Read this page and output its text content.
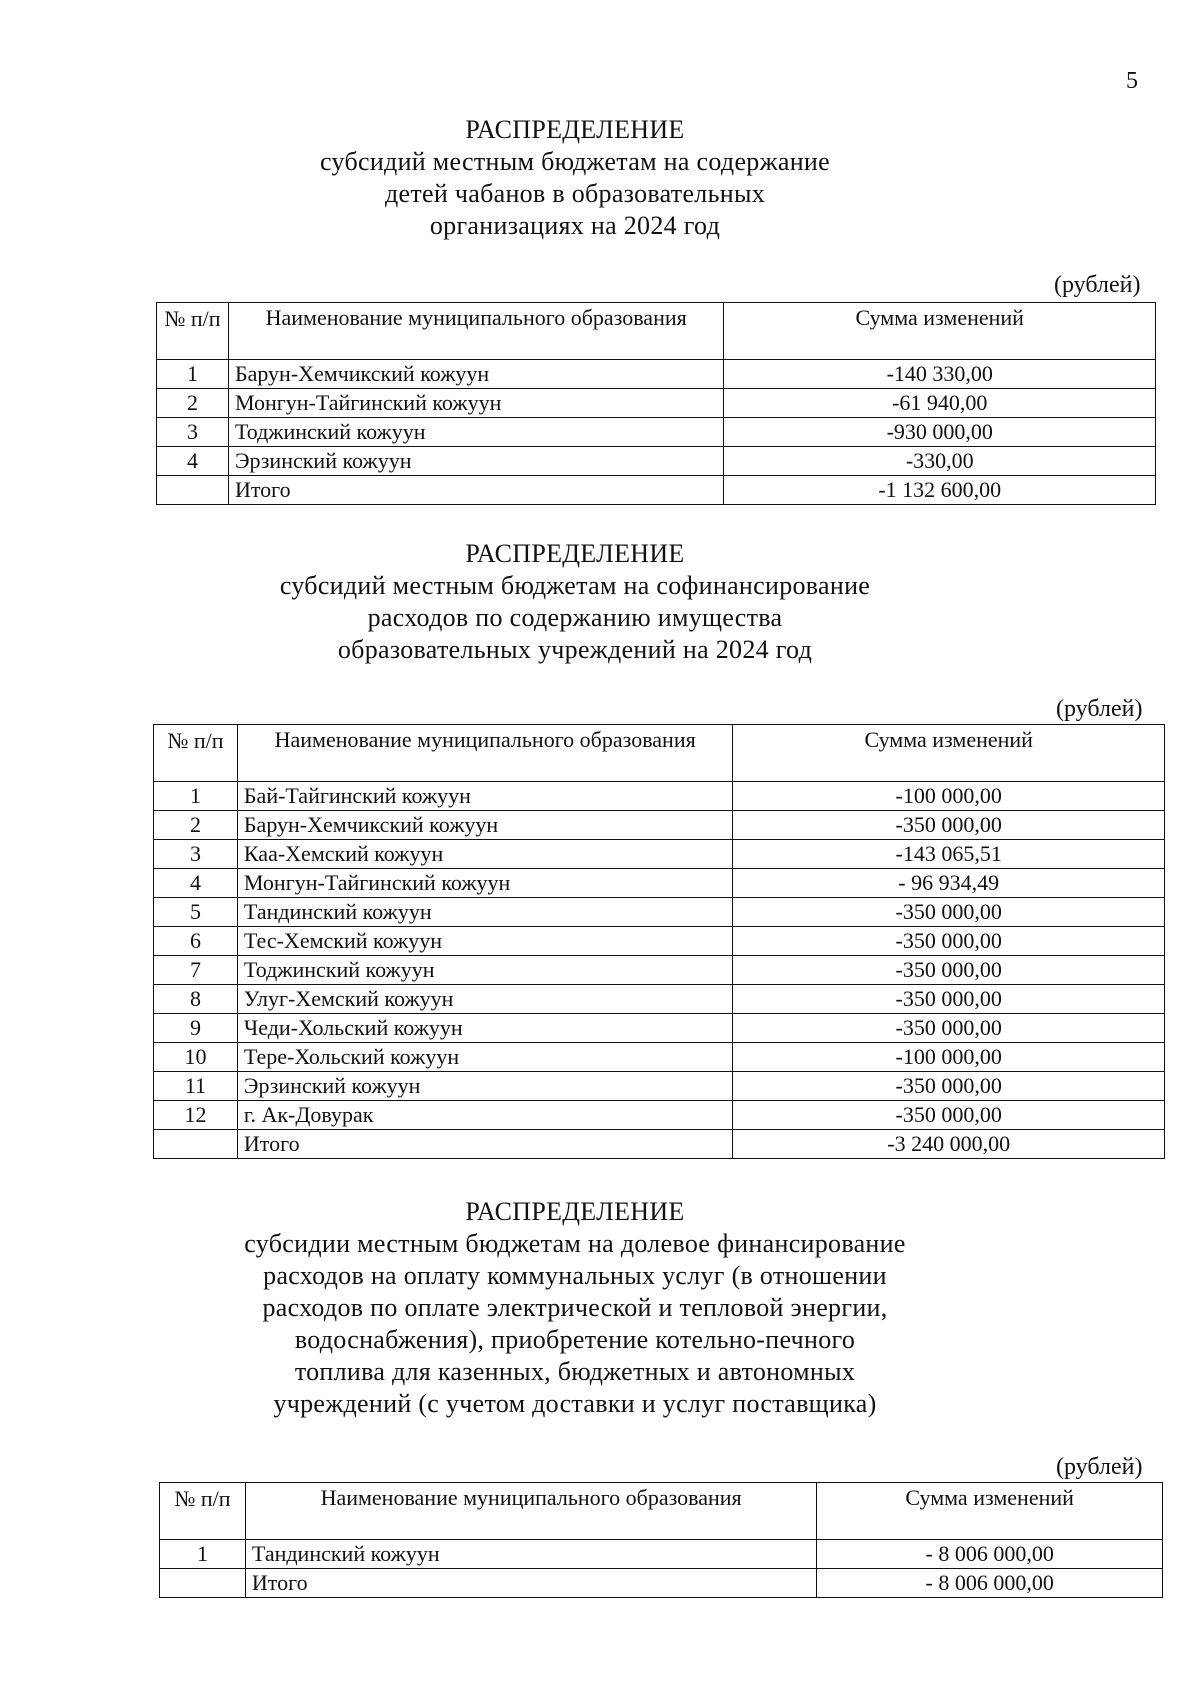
5
РАСПРЕДЕЛЕНИЕ
субсидий местным бюджетам на содержание
детей чабанов в образовательных
организациях на 2024 год
(рублей)
№ п/п	Наименование муниципального образования	Сумма изменений
1	Барун-Хемчикский кожуун	-140 330,00
2	Монгун-Тайгинский кожуун	-61 940,00
3	Тоджинский кожуун	-930 000,00
4	Эрзинский кожуун	-330,00
	Итого	-1 132 600,00
РАСПРЕДЕЛЕНИЕ
субсидий местным бюджетам на софинансирование
расходов по содержанию имущества
образовательных учреждений на 2024 год
(рублей)
№ п/п	Наименование муниципального образования	Сумма изменений
1	Бай-Тайгинский кожуун	-100 000,00
2	Барун-Хемчикский кожуун	-350 000,00
3	Каа-Хемский кожуун	-143 065,51
4	Монгун-Тайгинский кожуун	- 96 934,49
5	Тандинский кожуун	-350 000,00
6	Тес-Хемский кожуун	-350 000,00
7	Тоджинский кожуун	-350 000,00
8	Улуг-Хемский кожуун	-350 000,00
9	Чеди-Хольский кожуун	-350 000,00
10	Тере-Хольский кожуун	-100 000,00
11	Эрзинский кожуун	-350 000,00
12	г. Ак-Довурак	-350 000,00
	Итого	-3 240 000,00
РАСПРЕДЕЛЕНИЕ
субсидии местным бюджетам на долевое финансирование
расходов на оплату коммунальных услуг (в отношении
расходов по оплате электрической и тепловой энергии,
водоснабжения), приобретение котельно-печного
топлива для казенных, бюджетных и автономных
учреждений (с учетом доставки и услуг поставщика)
(рублей)
№ п/п	Наименование муниципального образования	Сумма изменений
1	Тандинский кожуун	- 8 006 000,00
	Итого	- 8 006 000,00
